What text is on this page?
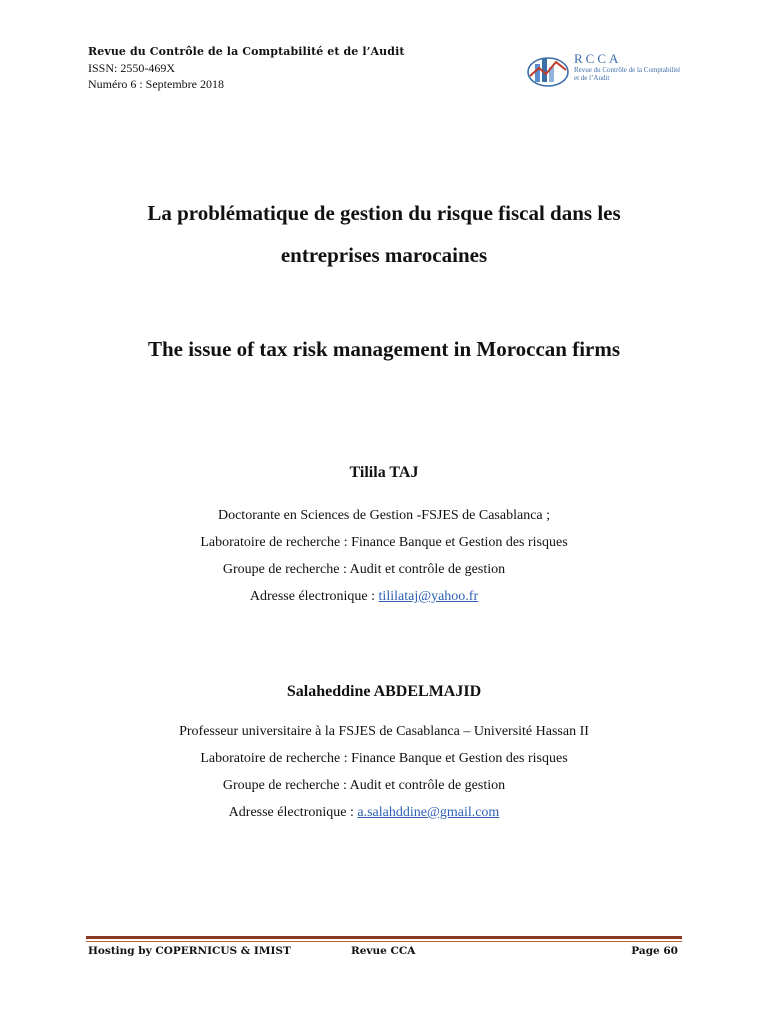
Revue du Contrôle de la Comptabilité et de l’Audit
ISSN: 2550-469X
Numéro 6 : Septembre 2018
RCCA
Revue du Contrôle de la Comptabilité et de l’Audit
La problématique de gestion du risque fiscal dans les
entreprises marocaines
The issue of tax risk management in Moroccan firms
Tilila TAJ
Doctorante en Sciences de Gestion -FSJES de Casablanca ;
Laboratoire de recherche : Finance Banque et Gestion des risques
Groupe de recherche : Audit et contrôle de gestion
Adresse électronique : tililataj@yahoo.fr
Salaheddine ABDELMAJID
Professeur universitaire à la FSJES de Casablanca – Université Hassan II
Laboratoire de recherche : Finance Banque et Gestion des risques
Groupe de recherche : Audit et contrôle de gestion
Adresse électronique : a.salahddine@gmail.com
Hosting by COPERNICUS & IMIST	Revue CCA	Page 60
